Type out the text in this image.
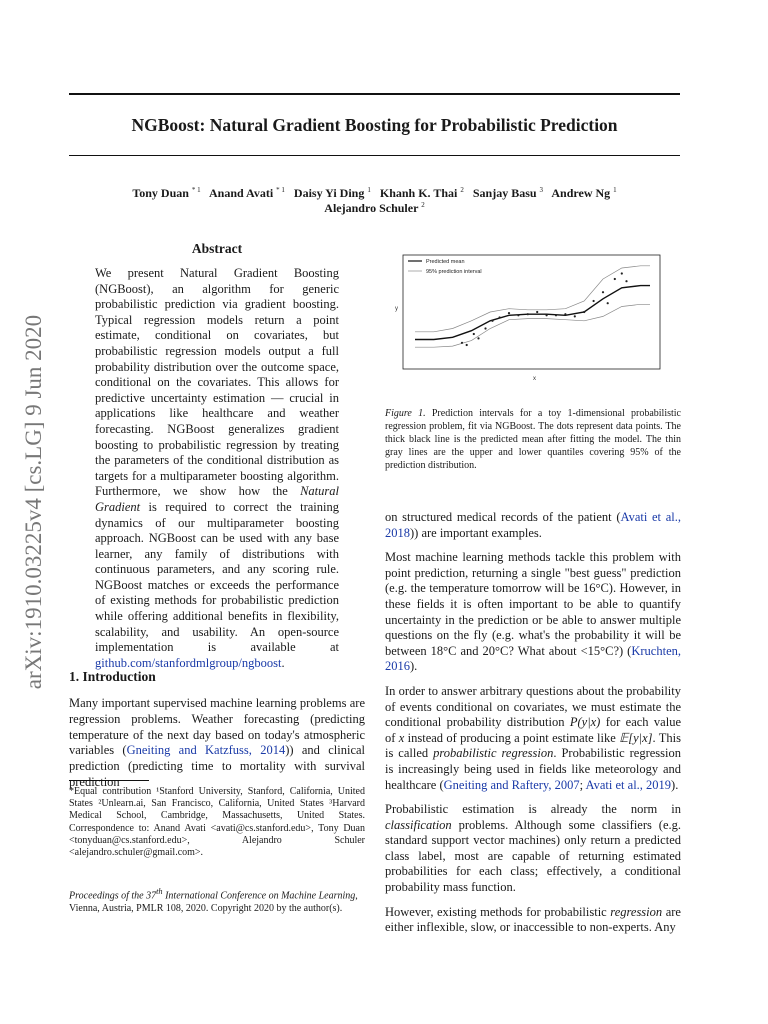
NGBoost: Natural Gradient Boosting for Probabilistic Prediction
Tony Duan $^{* 1}$ Anand Avati $^{* 1}$ Daisy Yi Ding $^1$ Khanh K. Thai $^2$ Sanjay Basu $^3$ Andrew Ng $^1$
Alejandro Schuler $^2$
arXiv:1910.03225v4 [cs.LG] 9 Jun 2020
Abstract
We present Natural Gradient Boosting (NGBoost), an algorithm for generic probabilistic prediction via gradient boosting. Typical regression models return a point estimate, conditional on covariates, but probabilistic regression models output a full probability distribution over the outcome space, conditional on the covariates. This allows for predictive uncertainty estimation — crucial in applications like healthcare and weather forecasting. NGBoost generalizes gradient boosting to probabilistic regression by treating the parameters of the conditional distribution as targets for a multiparameter boosting algorithm. Furthermore, we show how the Natural Gradient is required to correct the training dynamics of our multiparameter boosting approach. NGBoost can be used with any base learner, any family of distributions with continuous parameters, and any scoring rule. NGBoost matches or exceeds the performance of existing methods for probabilistic prediction while offering additional benefits in flexibility, scalability, and usability. An open-source implementation is available at github.com/stanfordmlgroup/ngboost.
1. Introduction
Many important supervised machine learning problems are regression problems. Weather forecasting (predicting temperature of the next day based on today's atmospheric variables (Gneiting and Katzfuss, 2014)) and clinical prediction (predicting time to mortality with survival prediction
*Equal contribution ¹Stanford University, Stanford, California, United States ²Unlearn.ai, San Francisco, California, United States ³Harvard Medical School, Cambridge, Massachusetts, United States. Correspondence to: Anand Avati <avati@cs.stanford.edu>, Tony Duan <tonyduan@cs.stanford.edu>, Alejandro Schuler <alejandro.schuler@gmail.com>.
Proceedings of the 37th International Conference on Machine Learning, Vienna, Austria, PMLR 108, 2020. Copyright 2020 by the author(s).
Predicted mean
95% prediction interval
y
x
Figure 1. Prediction intervals for a toy 1-dimensional probabilistic regression problem, fit via NGBoost. The dots represent data points. The thick black line is the predicted mean after fitting the model. The thin gray lines are the upper and lower quantiles covering 95% of the prediction distribution.

on structured medical records of the patient (Avati et al., 2018)) are important examples.

Most machine learning methods tackle this problem with point prediction, returning a single "best guess" prediction (e.g. the temperature tomorrow will be 16°C). However, in these fields it is often important to be able to quantify uncertainty in the prediction or be able to answer multiple questions on the fly (e.g. what's the probability it will be between 18°C and 20°C? What about <15°C?) (Kruchten, 2016).

In order to answer arbitrary questions about the probability of events conditional on covariates, we must estimate the conditional probability distribution P(y|x) for each value of x instead of producing a point estimate like 𝔼[y|x]. This is called probabilistic regression. Probabilistic regression is increasingly being used in fields like meteorology and healthcare (Gneiting and Raftery, 2007; Avati et al., 2019).

Probabilistic estimation is already the norm in classification problems. Although some classifiers (e.g. standard support vector machines) only return a predicted class label, most are capable of returning estimated probabilities for each class; effectively, a conditional probability mass function.

However, existing methods for probabilistic regression are either inflexible, slow, or inaccessible to non-experts. Any
